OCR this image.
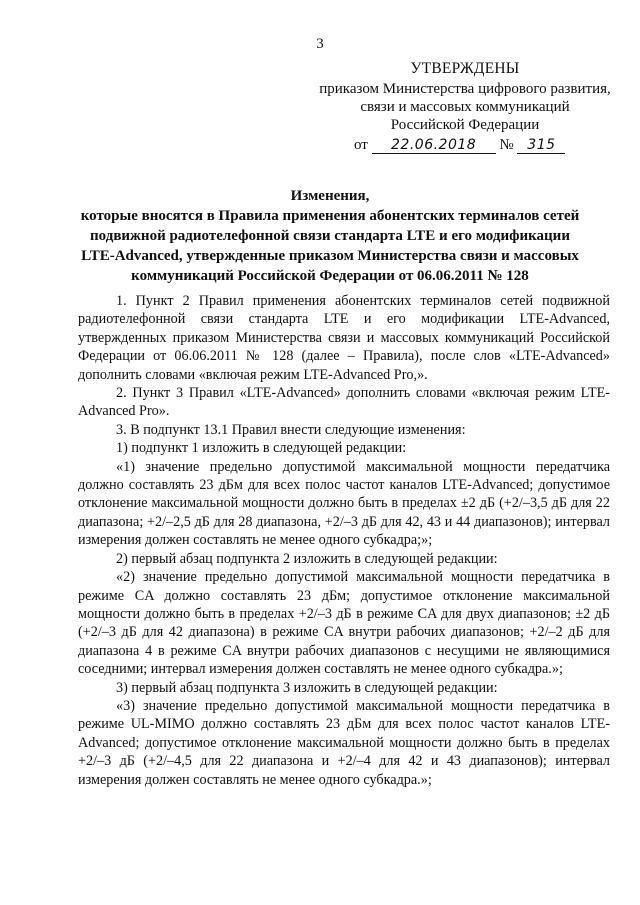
3
УТВЕРЖДЕНЫ
приказом Министерства цифрового развития,
связи и массовых коммуникаций
Российской Федерации
от 22.06.2018 № 315
Изменения,
которые вносятся в Правила применения абонентских терминалов сетей
подвижной радиотелефонной связи стандарта LTE и его модификации
LTE-Advanced, утвержденные приказом Министерства связи и массовых
коммуникаций Российской Федерации от 06.06.2011 № 128

1. Пункт 2 Правил применения абонентских терминалов сетей подвижной радиотелефонной связи стандарта LTE и его модификации LTE-Advanced, утвержденных приказом Министерства связи и массовых коммуникаций Российской Федерации от 06.06.2011 № 128 (далее – Правила), после слов «LTE-Advanced» дополнить словами «включая режим LTE-Advanced Pro,».

2. Пункт 3 Правил «LTE-Advanced» дополнить словами «включая режим LTE-Advanced Pro».

3. В подпункт 13.1 Правил внести следующие изменения:

1) подпункт 1 изложить в следующей редакции:

«1) значение предельно допустимой максимальной мощности передатчика должно составлять 23 дБм для всех полос частот каналов LTE-Advanced; допустимое отклонение максимальной мощности должно быть в пределах ±2 дБ (+2/–3,5 дБ для 22 диапазона; +2/–2,5 дБ для 28 диапазона, +2/–3 дБ для 42, 43 и 44 диапазонов); интервал измерения должен составлять не менее одного субкадра;»;

2) первый абзац подпункта 2 изложить в следующей редакции:

«2) значение предельно допустимой максимальной мощности передатчика в режиме CA должно составлять 23 дБм; допустимое отклонение максимальной мощности должно быть в пределах +2/–3 дБ в режиме CA для двух диапазонов; ±2 дБ (+2/–3 дБ для 42 диапазона) в режиме CA внутри рабочих диапазонов; +2/–2 дБ для диапазона 4 в режиме CA внутри рабочих диапазонов с несущими не являющимися соседними; интервал измерения должен составлять не менее одного субкадра.»;

3) первый абзац подпункта 3 изложить в следующей редакции:

«3) значение предельно допустимой максимальной мощности передатчика в режиме UL-MIMO должно составлять 23 дБм для всех полос частот каналов LTE-Advanced; допустимое отклонение максимальной мощности должно быть в пределах +2/–3 дБ (+2/–4,5 для 22 диапазона и +2/–4 для 42 и 43 диапазонов); интервал измерения должен составлять не менее одного субкадра.»;
